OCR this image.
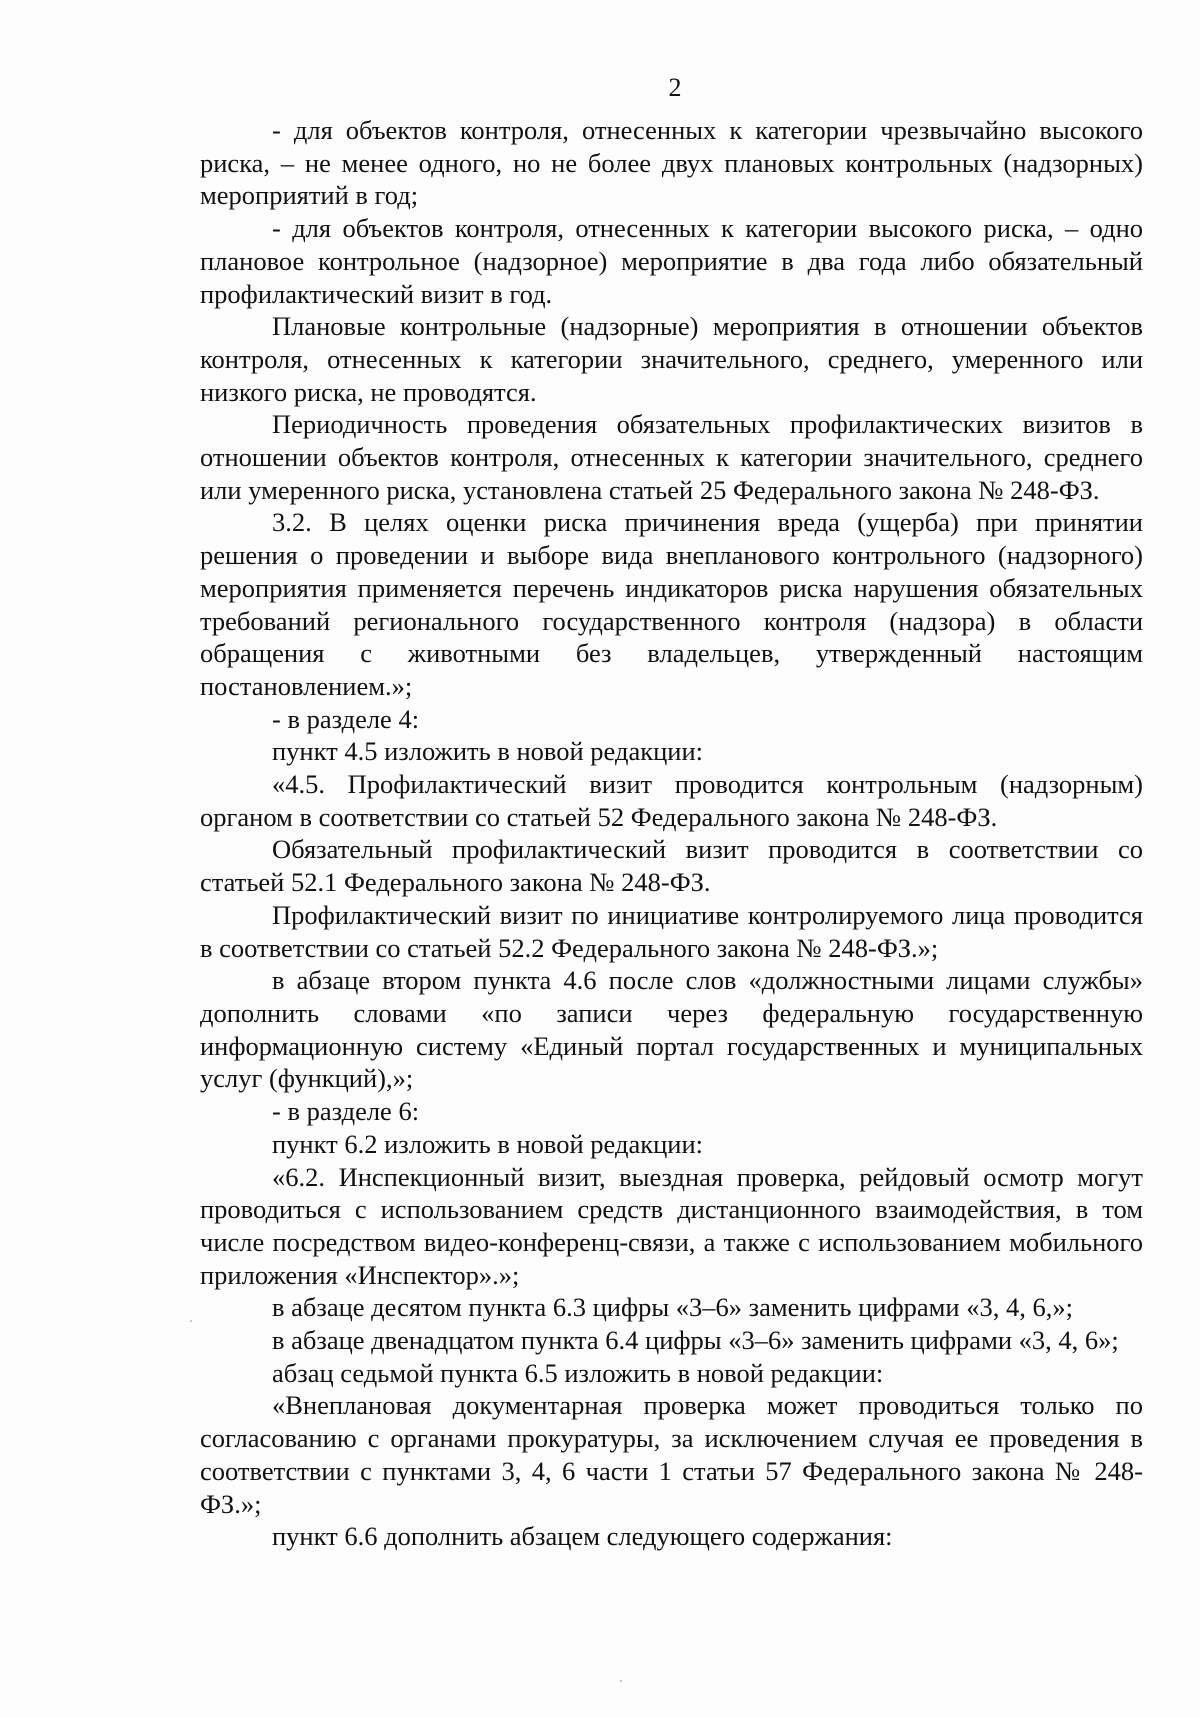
2

- для объектов контроля, отнесенных к категории чрезвычайно высокого риска, – не менее одного, но не более двух плановых контрольных (надзорных) мероприятий в год;

- для объектов контроля, отнесенных к категории высокого риска, – одно плановое контрольное (надзорное) мероприятие в два года либо обязательный профилактический визит в год.

Плановые контрольные (надзорные) мероприятия в отношении объектов контроля, отнесенных к категории значительного, среднего, умеренного или низкого риска, не проводятся.

Периодичность проведения обязательных профилактических визитов в отношении объектов контроля, отнесенных к категории значительного, среднего или умеренного риска, установлена статьей 25 Федерального закона № 248-ФЗ.

3.2. В целях оценки риска причинения вреда (ущерба) при принятии решения о проведении и выборе вида внепланового контрольного (надзорного) мероприятия применяется перечень индикаторов риска нарушения обязательных требований регионального государственного контроля (надзора) в области обращения с животными без владельцев, утвержденный настоящим постановлением.»;

- в разделе 4:

пункт 4.5 изложить в новой редакции:

«4.5. Профилактический визит проводится контрольным (надзорным) органом в соответствии со статьей 52 Федерального закона № 248-ФЗ.

Обязательный профилактический визит проводится в соответствии со статьей 52.1 Федерального закона № 248-ФЗ.

Профилактический визит по инициативе контролируемого лица проводится в соответствии со статьей 52.2 Федерального закона № 248-ФЗ.»;

в абзаце втором пункта 4.6 после слов «должностными лицами службы» дополнить словами «по записи через федеральную государственную информационную систему «Единый портал государственных и муниципальных услуг (функций),»;

- в разделе 6:

пункт 6.2 изложить в новой редакции:

«6.2. Инспекционный визит, выездная проверка, рейдовый осмотр могут проводиться с использованием средств дистанционного взаимодействия, в том числе посредством видео-конференц-связи, а также с использованием мобильного приложения «Инспектор».»;

в абзаце десятом пункта 6.3 цифры «3–6» заменить цифрами «3, 4, 6,»;

в абзаце двенадцатом пункта 6.4 цифры «3–6» заменить цифрами «3, 4, 6»;

абзац седьмой пункта 6.5 изложить в новой редакции:

«Внеплановая документарная проверка может проводиться только по согласованию с органами прокуратуры, за исключением случая ее проведения в соответствии с пунктами 3, 4, 6 части 1 статьи 57 Федерального закона № 248-ФЗ.»;

пункт 6.6 дополнить абзацем следующего содержания:
